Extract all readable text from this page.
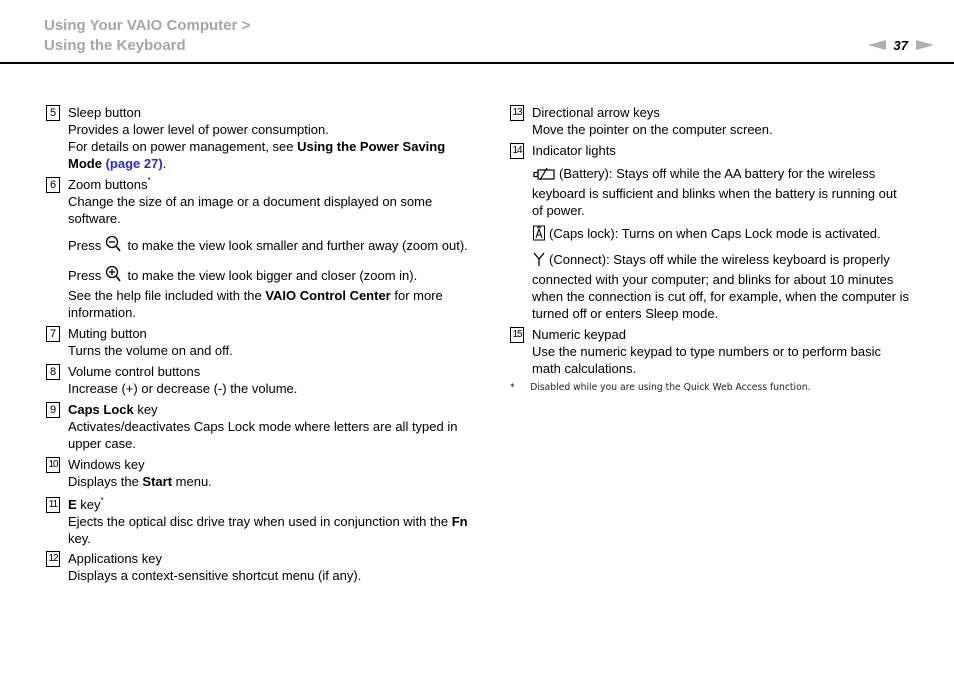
Using Your VAIO Computer >
Using the Keyboard	37
5 Sleep button

Provides a lower level of power consumption.

For details on power management, see Using the Power Saving Mode (page 27).

6 Zoom buttons*

Change the size of an image or a document displayed on some software.

Press  to make the view look smaller and further away (zoom out).

Press  to make the view look bigger and closer (zoom in).

See the help file included with the VAIO Control Center for more information.

7 Muting button

Turns the volume on and off.

8 Volume control buttons

Increase (+) or decrease (-) the volume.

9 Caps Lock key

Activates/deactivates Caps Lock mode where letters are all typed in upper case.

10 Windows key

Displays the Start menu.

11 E key*

Ejects the optical disc drive tray when used in conjunction with the Fn key.

12 Applications key

Displays a context-sensitive shortcut menu (if any).

13 Directional arrow keys

Move the pointer on the computer screen.

14 Indicator lights

(Battery): Stays off while the AA battery for the wireless keyboard is sufficient and blinks when the battery is running out of power.

(Caps lock): Turns on when Caps Lock mode is activated.

(Connect): Stays off while the wireless keyboard is properly connected with your computer; and blinks for about 10 minutes when the connection is cut off, for example, when the computer is turned off or enters Sleep mode.

15 Numeric keypad

Use the numeric keypad to type numbers or to perform basic math calculations.

* Disabled while you are using the Quick Web Access function.
